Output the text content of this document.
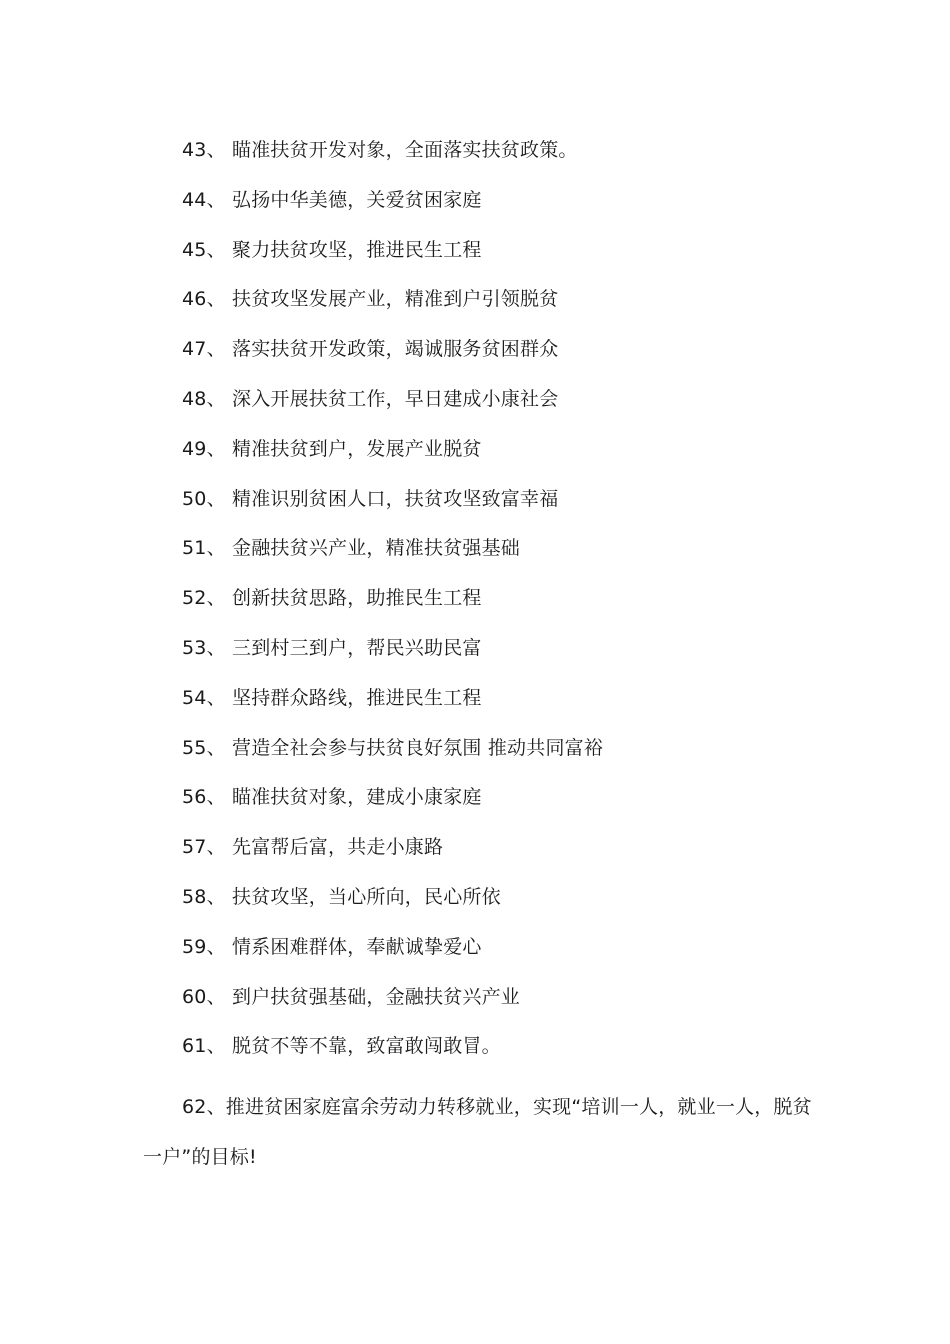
43、 瞄准扶贫开发对象，全面落实扶贫政策。
44、 弘扬中华美德，关爱贫困家庭
45、 聚力扶贫攻坚，推进民生工程
46、 扶贫攻坚发展产业，精准到户引领脱贫
47、 落实扶贫开发政策，竭诚服务贫困群众
48、 深入开展扶贫工作，早日建成小康社会
49、 精准扶贫到户，发展产业脱贫
50、 精准识别贫困人口，扶贫攻坚致富幸福
51、 金融扶贫兴产业，精准扶贫强基础
52、 创新扶贫思路，助推民生工程
53、 三到村三到户，帮民兴助民富
54、 坚持群众路线，推进民生工程
55、 营造全社会参与扶贫良好氛围 推动共同富裕
56、 瞄准扶贫对象，建成小康家庭
57、 先富帮后富，共走小康路
58、 扶贫攻坚，当心所向，民心所依
59、 情系困难群体，奉献诚挚爱心
60、 到户扶贫强基础，金融扶贫兴产业
61、 脱贫不等不靠，致富敢闯敢冒。

62、推进贫困家庭富余劳动力转移就业，实现“培训一人，就业一人，脱贫一户”的目标!
